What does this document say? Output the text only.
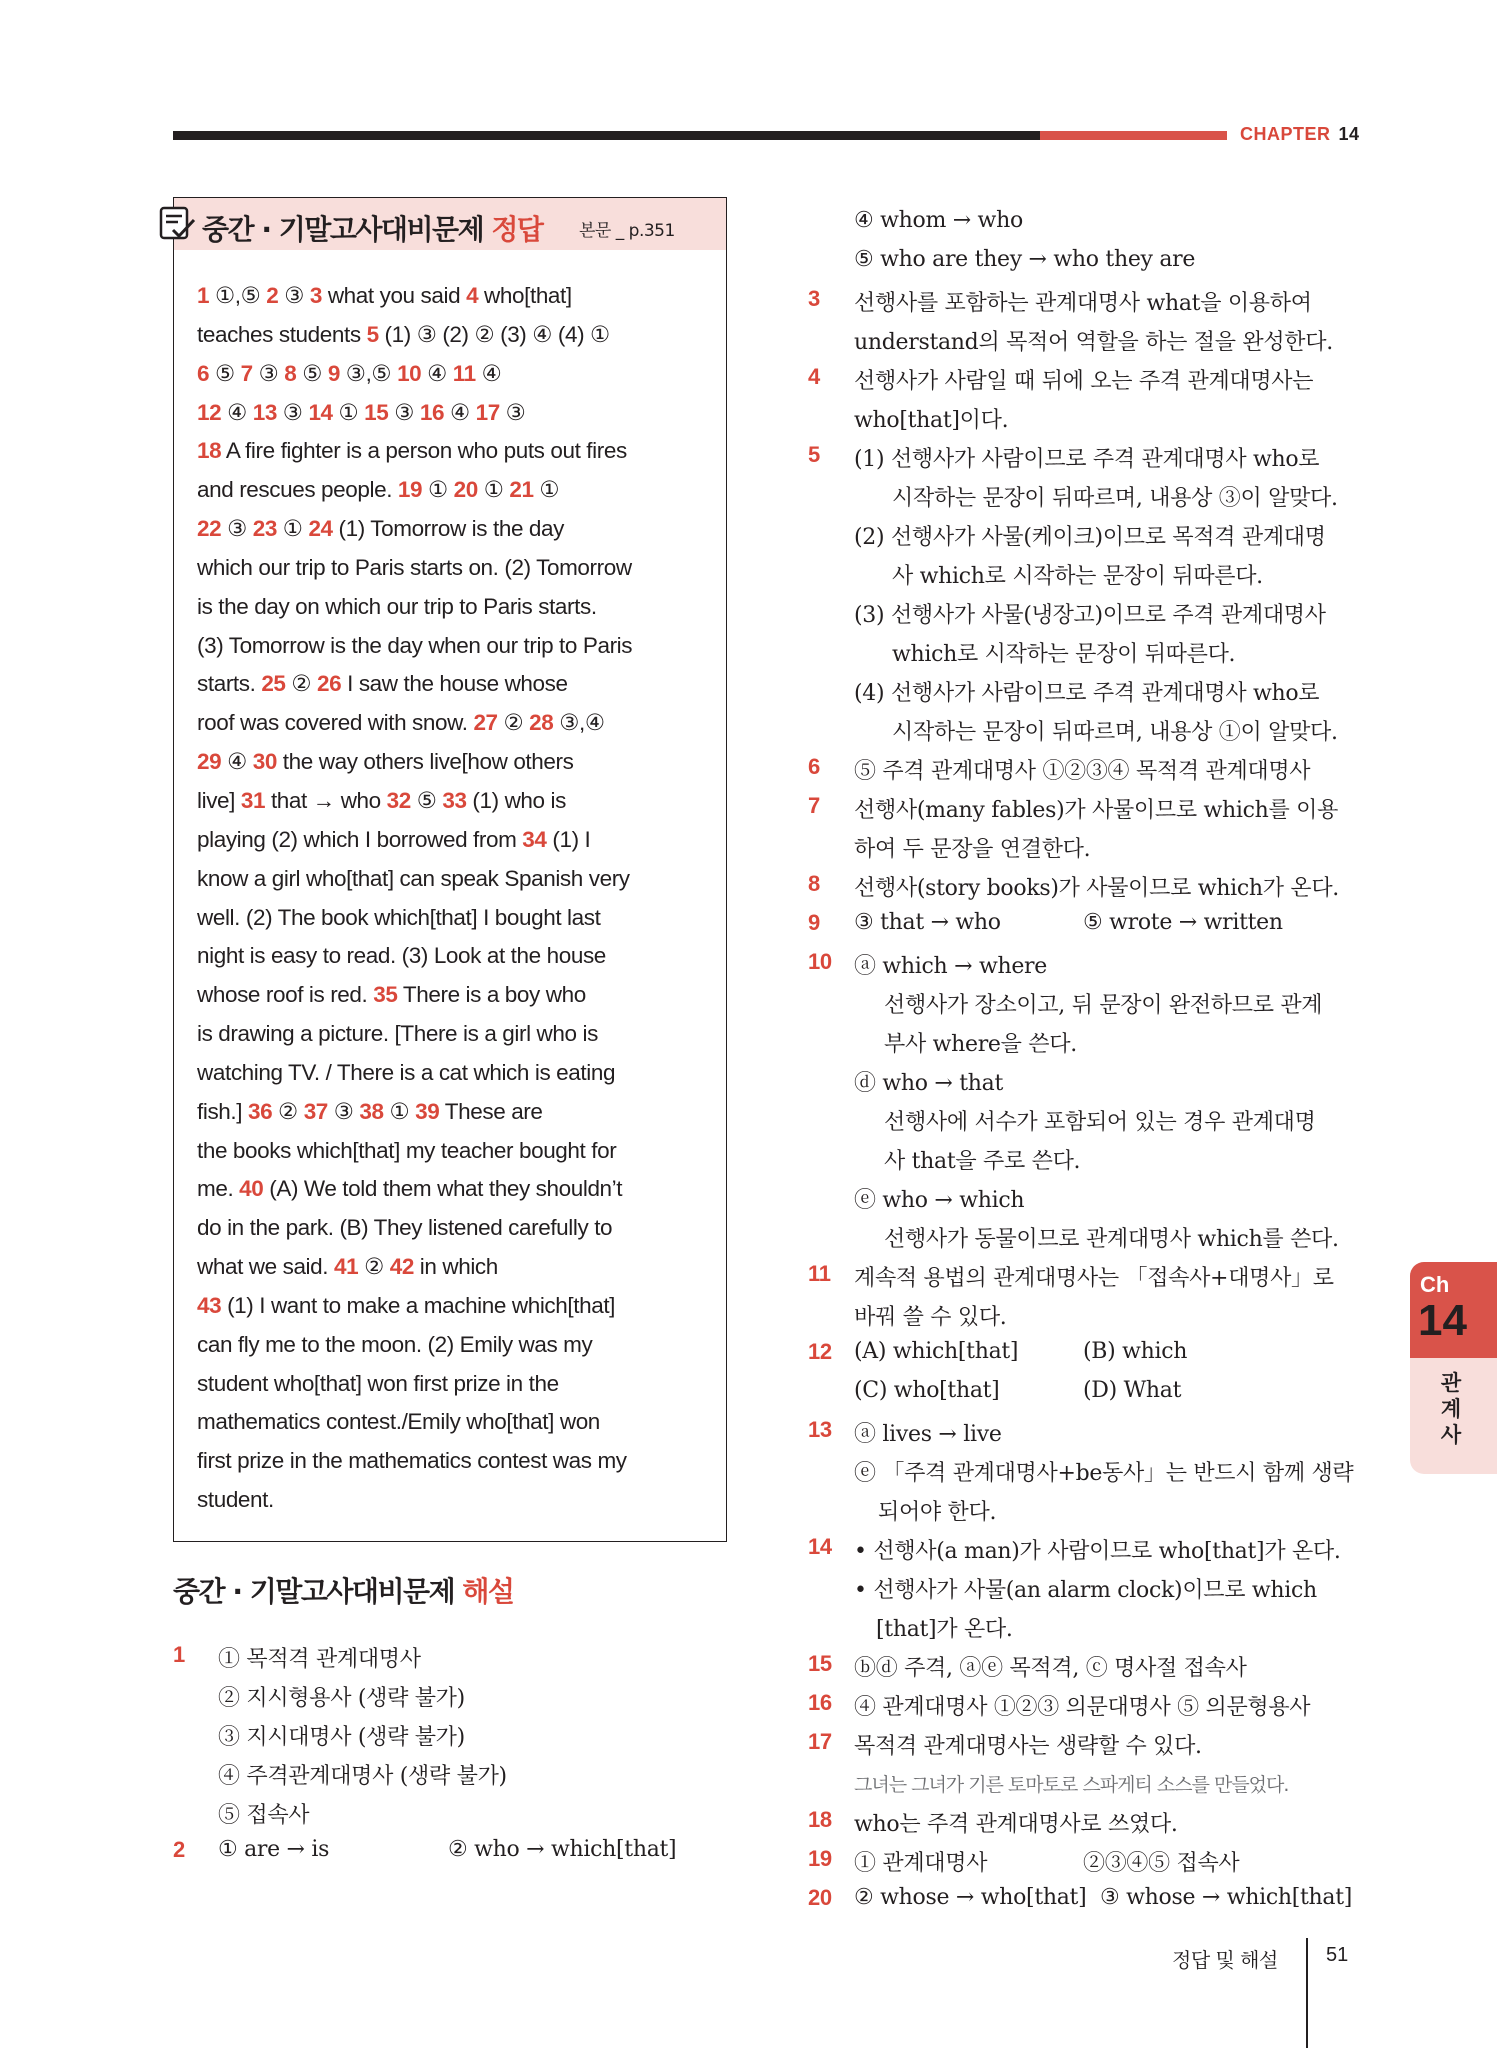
CHAPTER 14
중간 · 기말고사대비문제 정답 본문 _ p.351
1 ①,⑤ 2 ③ 3 what you said 4 who[that]
teaches students 5 (1) ③ (2) ② (3) ④ (4) ①
6 ⑤ 7 ③ 8 ⑤ 9 ③,⑤ 10 ④ 11 ④
12 ④ 13 ③ 14 ① 15 ③ 16 ④ 17 ③
18 A fire fighter is a person who puts out fires
and rescues people. 19 ① 20 ① 21 ①
22 ③ 23 ① 24 (1) Tomorrow is the day
which our trip to Paris starts on. (2) Tomorrow
is the day on which our trip to Paris starts.
(3) Tomorrow is the day when our trip to Paris
starts. 25 ② 26 I saw the house whose
roof was covered with snow. 27 ② 28 ③,④
29 ④ 30 the way others live[how others
live] 31 that → who 32 ⑤ 33 (1) who is
playing (2) which I borrowed from 34 (1) I
know a girl who[that] can speak Spanish very
well. (2) The book which[that] I bought last
night is easy to read. (3) Look at the house
whose roof is red. 35 There is a boy who
is drawing a picture. [There is a girl who is
watching TV. / There is a cat which is eating
fish.] 36 ② 37 ③ 38 ① 39 These are
the books which[that] my teacher bought for
me. 40 (A) We told them what they shouldn’t
do in the park. (B) They listened carefully to
what we said. 41 ② 42 in which
43 (1) I want to make a machine which[that]
can fly me to the moon. (2) Emily was my
student who[that] won first prize in the
mathematics contest./Emily who[that] won
first prize in the mathematics contest was my
student.
중간 · 기말고사대비문제 해설
1 ① 목적격 관계대명사
② 지시형용사 (생략 불가)
③ 지시대명사 (생략 불가)
④ 주격관계대명사 (생략 불가)
⑤ 접속사
2 ① are → is	② who → which[that]
④ whom → who
⑤ who are they → who they are
3 선행사를 포함하는 관계대명사 what을 이용하여
understand의 목적어 역할을 하는 절을 완성한다.
4 선행사가 사람일 때 뒤에 오는 주격 관계대명사는
who[that]이다.
5 (1) 선행사가 사람이므로 주격 관계대명사 who로
시작하는 문장이 뒤따르며, 내용상 ③이 알맞다.
(2) 선행사가 사물(케이크)이므로 목적격 관계대명
사 which로 시작하는 문장이 뒤따른다.
(3) 선행사가 사물(냉장고)이므로 주격 관계대명사
which로 시작하는 문장이 뒤따른다.
(4) 선행사가 사람이므로 주격 관계대명사 who로
시작하는 문장이 뒤따르며, 내용상 ①이 알맞다.
6 ⑤ 주격 관계대명사 ①②③④ 목적격 관계대명사
7 선행사(many fables)가 사물이므로 which를 이용
하여 두 문장을 연결한다.
8 선행사(story books)가 사물이므로 which가 온다.
9 ③ that → who	⑤ wrote → written
10 ⓐ which → where
선행사가 장소이고, 뒤 문장이 완전하므로 관계
부사 where을 쓴다.
ⓓ who → that
선행사에 서수가 포함되어 있는 경우 관계대명
사 that을 주로 쓴다.
ⓔ who → which
선행사가 동물이므로 관계대명사 which를 쓴다.
11 계속적 용법의 관계대명사는 「접속사+대명사」로
바꿔 쓸 수 있다.
12 (A) which[that]	(B) which
(C) who[that]	(D) What
13 ⓐ lives → live
ⓔ 「주격 관계대명사+be동사」는 반드시 함께 생략
되어야 한다.
14 • 선행사(a man)가 사람이므로 who[that]가 온다.
• 선행사가 사물(an alarm clock)이므로 which
[that]가 온다.
15 ⓑⓓ 주격, ⓐⓔ 목적격, ⓒ 명사절 접속사
16 ④ 관계대명사 ①②③ 의문대명사 ⑤ 의문형용사
17 목적격 관계대명사는 생략할 수 있다.
그녀는 그녀가 기른 토마토로 스파게티 소스를 만들었다.
18 who는 주격 관계대명사로 쓰였다.
19 ① 관계대명사	②③④⑤ 접속사
20 ② whose → who[that] ③ whose → which[that]
Ch
14
관계사
정답 및 해설 51
